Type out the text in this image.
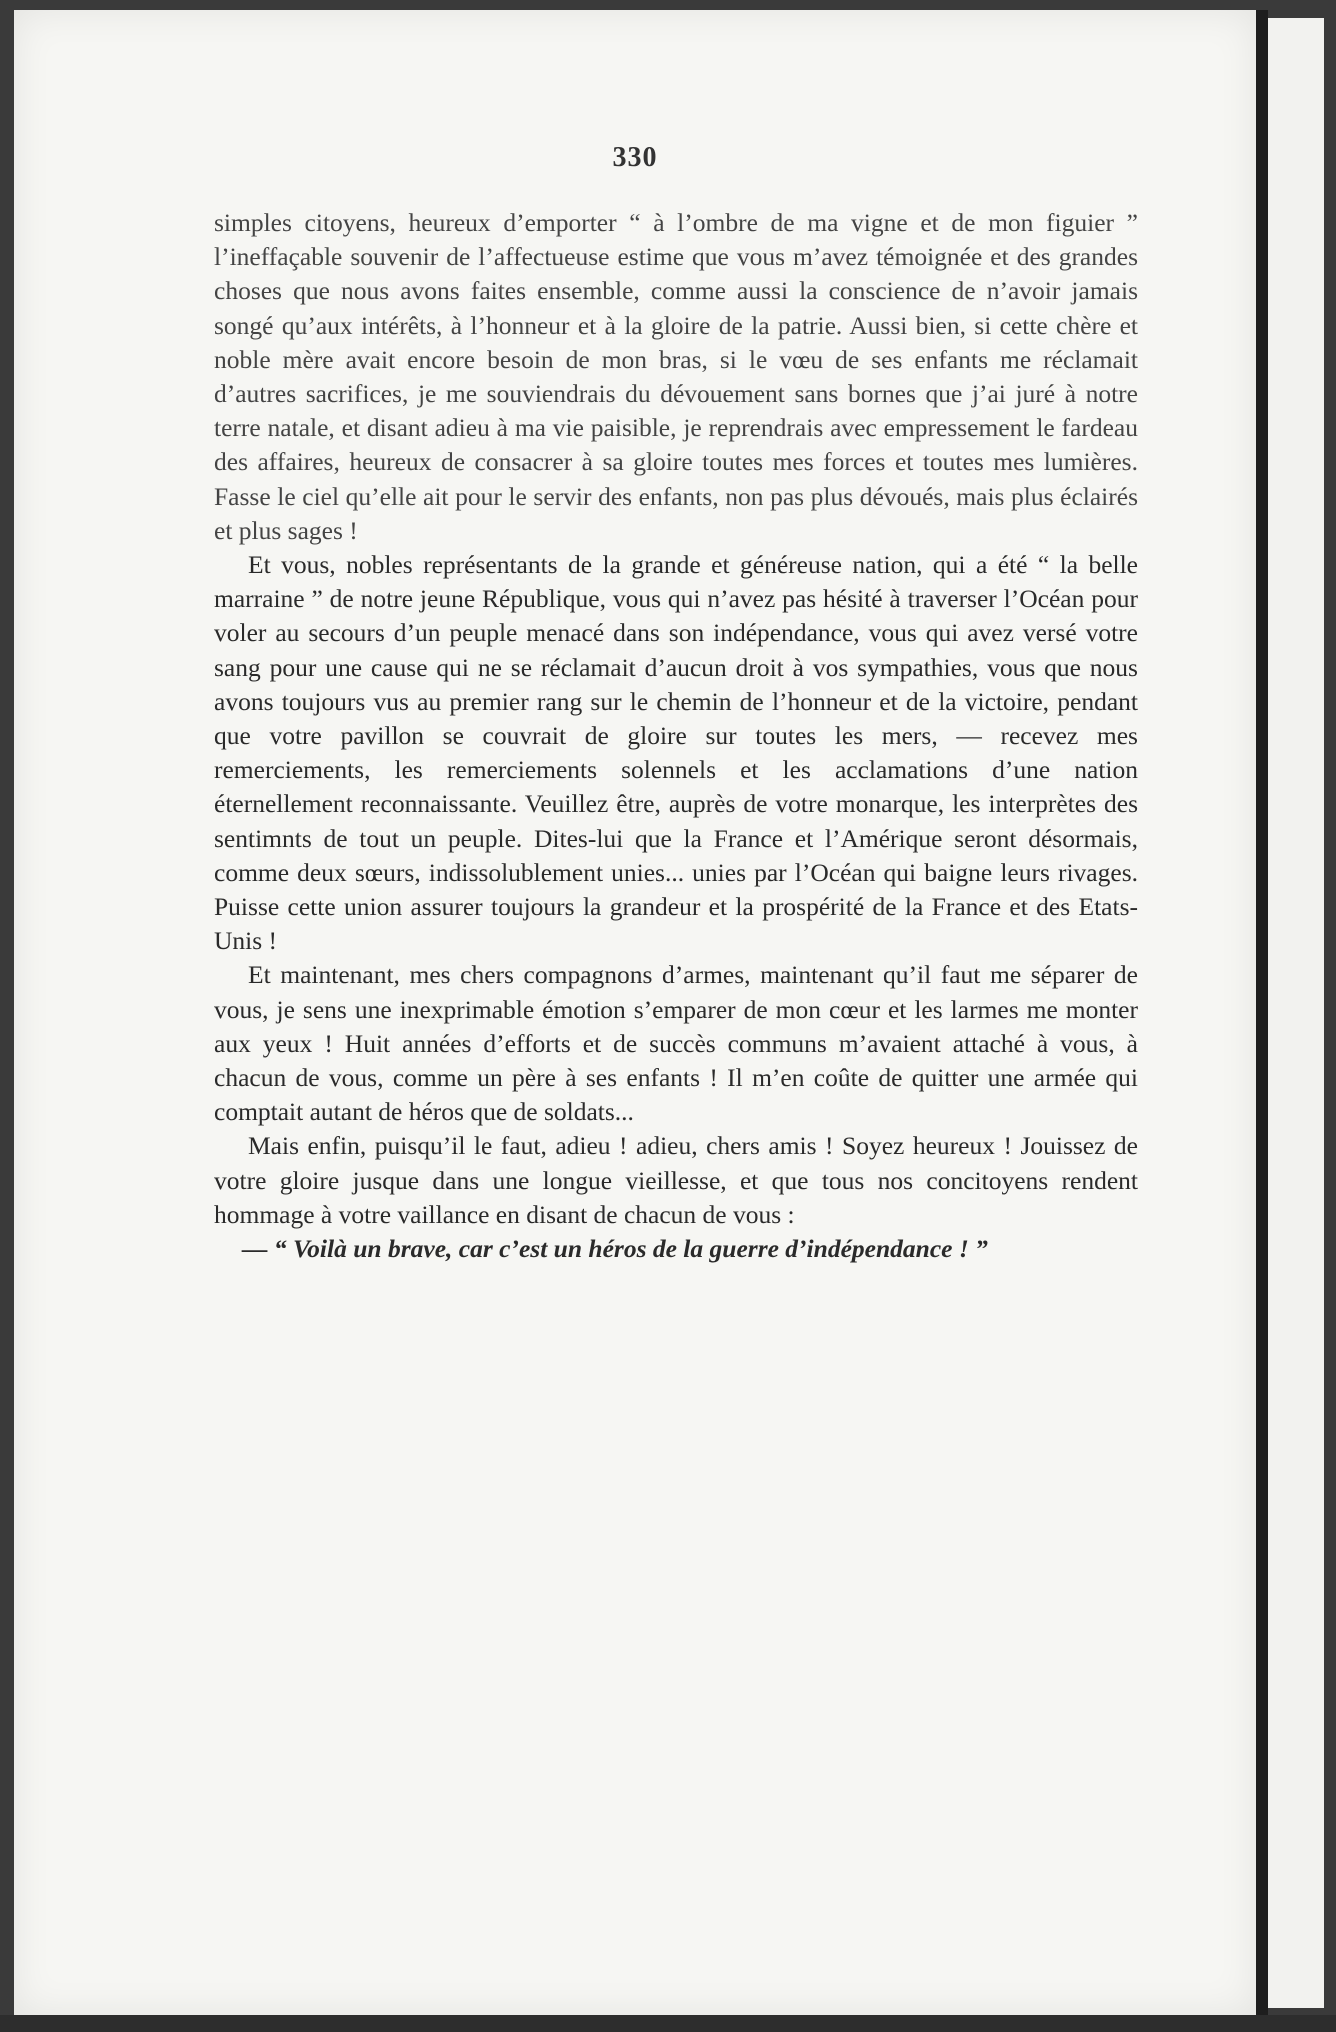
330

simples citoyens, heureux d’emporter “ à l’ombre de ma vigne et de mon figuier ” l’ineffaçable souvenir de l’affectueuse estime que vous m’avez témoignée et des grandes choses que nous avons faites ensemble, comme aussi la conscience de n’avoir jamais songé qu’aux intérêts, à l’honneur et à la gloire de la patrie. Aussi bien, si cette chère et noble mère avait encore besoin de mon bras, si le vœu de ses enfants me réclamait d’autres sacrifices, je me souviendrais du dévouement sans bornes que j’ai juré à notre terre natale, et disant adieu à ma vie paisible, je reprendrais avec empressement le fardeau des affaires, heureux de consacrer à sa gloire toutes mes forces et toutes mes lumières. Fasse le ciel qu’elle ait pour le servir des enfants, non pas plus dévoués, mais plus éclairés et plus sages !

Et vous, nobles représentants de la grande et généreuse nation, qui a été “ la belle marraine ” de notre jeune République, vous qui n’avez pas hésité à traverser l’Océan pour voler au secours d’un peuple menacé dans son indépendance, vous qui avez versé votre sang pour une cause qui ne se réclamait d’aucun droit à vos sympathies, vous que nous avons toujours vus au premier rang sur le chemin de l’honneur et de la victoire, pendant que votre pavillon se couvrait de gloire sur toutes les mers, — recevez mes remerciements, les remerciements solennels et les acclamations d’une nation éternellement reconnaissante. Veuillez être, auprès de votre monarque, les interprètes des sentimnts de tout un peuple. Dites-lui que la France et l’Amérique seront désormais, comme deux sœurs, indissolublement unies... unies par l’Océan qui baigne leurs rivages. Puisse cette union assurer toujours la grandeur et la prospérité de la France et des Etats-Unis !

Et maintenant, mes chers compagnons d’armes, maintenant qu’il faut me séparer de vous, je sens une inexprimable émotion s’emparer de mon cœur et les larmes me monter aux yeux ! Huit années d’efforts et de succès communs m’avaient attaché à vous, à chacun de vous, comme un père à ses enfants ! Il m’en coûte de quitter une armée qui comptait autant de héros que de soldats...

Mais enfin, puisqu’il le faut, adieu ! adieu, chers amis ! Soyez heureux ! Jouissez de votre gloire jusque dans une longue vieillesse, et que tous nos concitoyens rendent hommage à votre vaillance en disant de chacun de vous :

— “ Voilà un brave, car c’est un héros de la guerre d’indépendance ! ”
